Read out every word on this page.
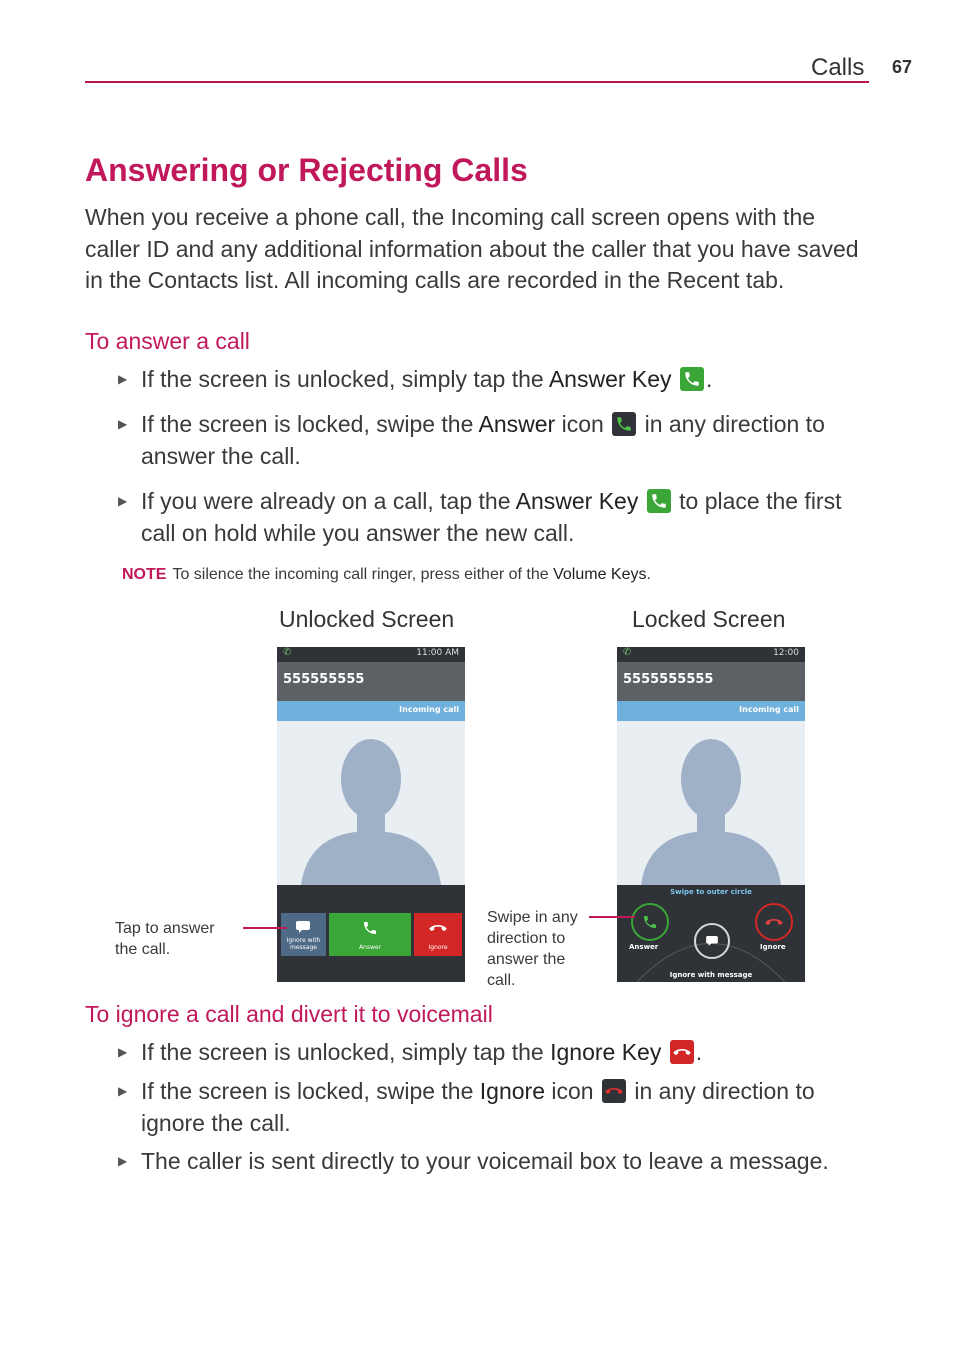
Calls 67
Answering or Rejecting Calls

When you receive a phone call, the Incoming call screen opens with the caller ID and any additional information about the caller that you have saved in the Contacts list. All incoming calls are recorded in the Recent tab.

To answer a call
▶ If the screen is unlocked, simply tap the Answer Key .
▶ If the screen is locked, swipe the Answer icon
in any direction to answer the call.
▶ If you were already on a call, tap the Answer Key
to place the first call on hold while you answer the new call.
NOTE To silence the incoming call ringer, press either of the Volume Keys.
Unlocked Screen	Locked Screen
✆	11:00 AM
555555555
Incoming call
Ignore with message	Answer	Ignore
Tap to answer the call.
✆	12:00
5555555555
Incoming call
Swipe to outer circle
Answer
Ignore with message
Ignore
Swipe in any direction to answer the call.
To ignore a call and divert it to voicemail
▶ If the screen is unlocked, simply tap the Ignore Key .
▶ If the screen is locked, swipe the Ignore icon
in any direction to ignore the call.
▶ The caller is sent directly to your voicemail box to leave a message.
